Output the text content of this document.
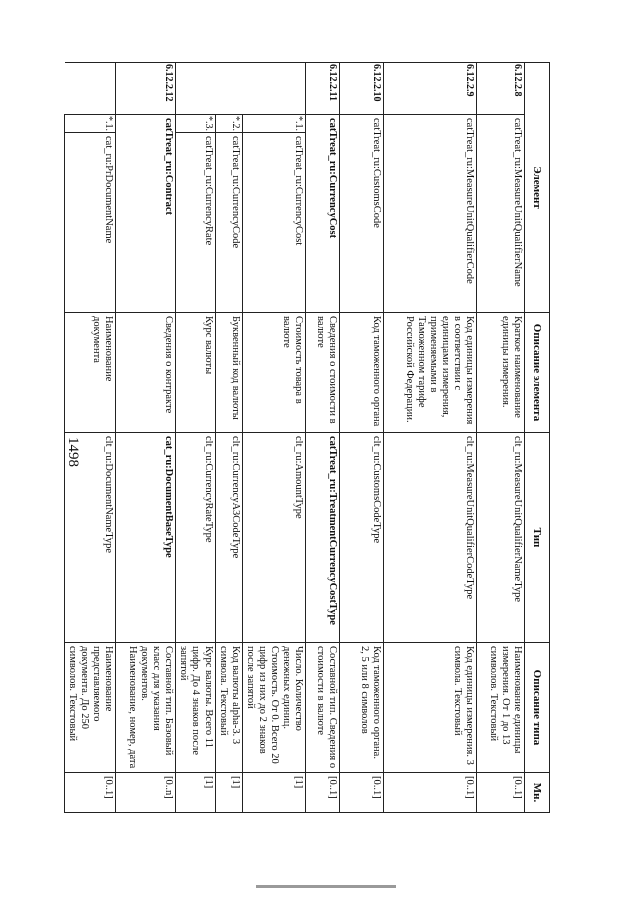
1498
Элемент			Описание элемента	Тип	Описание типа	Мн.
6.12.2.8	catTreat_ru:MeasureUnitQualifierName		Краткое наименование единицы измерения.	clt_ru:MeasureUnitQualifierNameType	Наименование единицы измерения. От 1 до 13 символов. Текстовый	[0..1]
6.12.2.9	catTreat_ru:MeasureUnitQualifierCode		Код единицы измерения в соответствии с единицами измерения, применяемыми в Таможенном тарифе Российской Федерации.	clt_ru:MeasureUnitQualifierCodeType	Код единицы измерения. 3 символа. Текстовый	[0..1]
6.12.2.10	catTreat_ru:CustomsCode		Код таможенного органа	clt_ru:CustomsCodeType	Код таможенного органа. 2, 5 или 8 символов	[0..1]
6.12.2.11	catTreat_ru:CurrencyCost		Сведения о стоимости в валюте	catTreat_ru:TreatmentCurrencyCostType	Составной тип. Сведения о стоимости в валюте	[0..1]
	*.1.	catTreat_ru:CurrencyCost	Стоимость товара в валюте	clt_ru:AmountType	Число. Количество денежных единиц. Стоимость. От 0. Всего 20 цифр из них до 2 знаков после запятой	[1]
	*.2.	catTreat_ru:CurrencyCode	Буквенный код валюты	clt_ru:CurrencyA3CodeType	Код валюты alpha-3. 3 символа. Текстовый	[1]
	*.3.	catTreat_ru:CurrencyRate	Курс валюты	clt_ru:CurrencyRateType	Курс валюты. Всего 11 цифр. До 4 знаков после запятой	[1]
6.12.2.12	catTreat_ru:Contract		Сведения о контракте	cat_ru:DocumentBaseType	Составной тип. Базовый класс для указания документов. Наименование, номер, дата	[0..n]
	*.1.	cat_ru:PrDocumentName	Наименование документа	clt_ru:DocumentNameType	Наименование представляемого документа. До 250 символов. Текстовый	[0..1]
